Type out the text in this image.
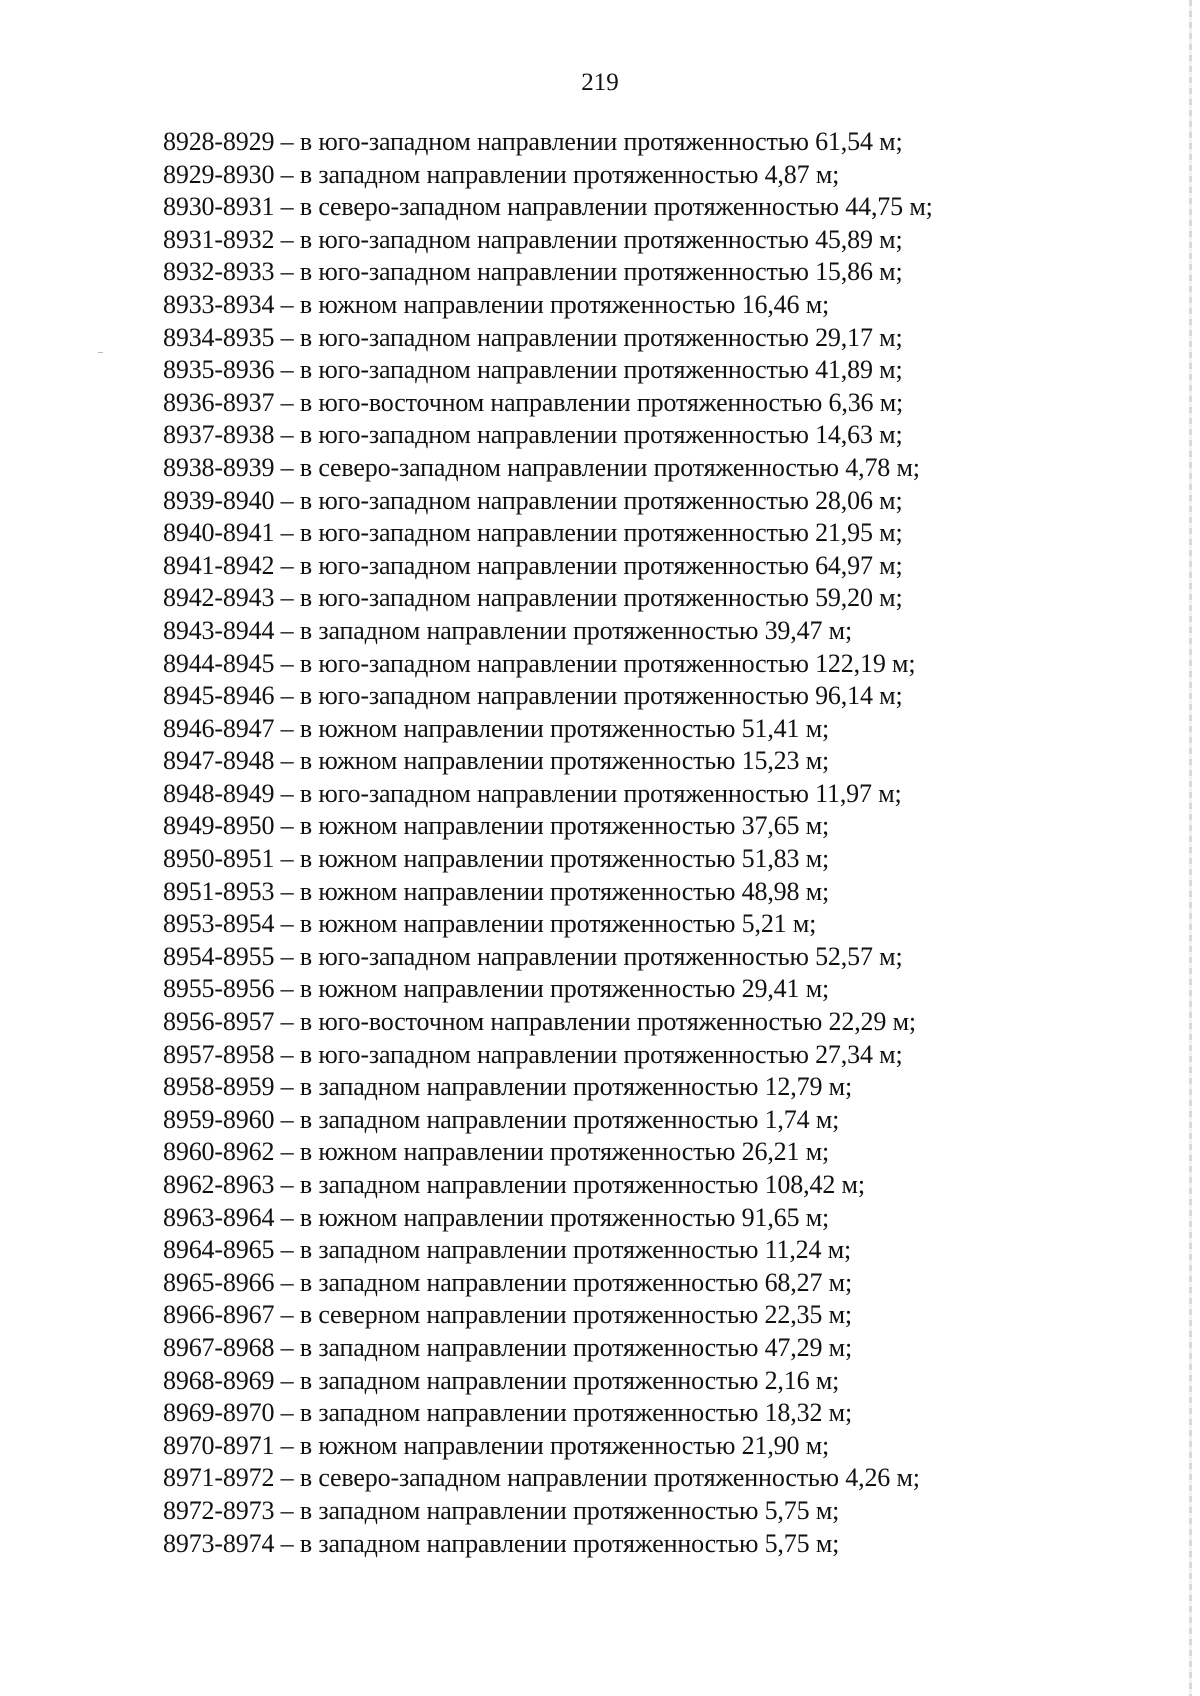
219
8928-8929 – в юго-западном направлении протяженностью 61,54 м;
8929-8930 – в западном направлении протяженностью 4,87 м;
8930-8931 – в северо-западном направлении протяженностью 44,75 м;
8931-8932 – в юго-западном направлении протяженностью 45,89 м;
8932-8933 – в юго-западном направлении протяженностью 15,86 м;
8933-8934 – в южном направлении протяженностью 16,46 м;
8934-8935 – в юго-западном направлении протяженностью 29,17 м;
8935-8936 – в юго-западном направлении протяженностью 41,89 м;
8936-8937 – в юго-восточном направлении протяженностью 6,36 м;
8937-8938 – в юго-западном направлении протяженностью 14,63 м;
8938-8939 – в северо-западном направлении протяженностью 4,78 м;
8939-8940 – в юго-западном направлении протяженностью 28,06 м;
8940-8941 – в юго-западном направлении протяженностью 21,95 м;
8941-8942 – в юго-западном направлении протяженностью 64,97 м;
8942-8943 – в юго-западном направлении протяженностью 59,20 м;
8943-8944 – в западном направлении протяженностью 39,47 м;
8944-8945 – в юго-западном направлении протяженностью 122,19 м;
8945-8946 – в юго-западном направлении протяженностью 96,14 м;
8946-8947 – в южном направлении протяженностью 51,41 м;
8947-8948 – в южном направлении протяженностью 15,23 м;
8948-8949 – в юго-западном направлении протяженностью 11,97 м;
8949-8950 – в южном направлении протяженностью 37,65 м;
8950-8951 – в южном направлении протяженностью 51,83 м;
8951-8953 – в южном направлении протяженностью 48,98 м;
8953-8954 – в южном направлении протяженностью 5,21 м;
8954-8955 – в юго-западном направлении протяженностью 52,57 м;
8955-8956 – в южном направлении протяженностью 29,41 м;
8956-8957 – в юго-восточном направлении протяженностью 22,29 м;
8957-8958 – в юго-западном направлении протяженностью 27,34 м;
8958-8959 – в западном направлении протяженностью 12,79 м;
8959-8960 – в западном направлении протяженностью 1,74 м;
8960-8962 – в южном направлении протяженностью 26,21 м;
8962-8963 – в западном направлении протяженностью 108,42 м;
8963-8964 – в южном направлении протяженностью 91,65 м;
8964-8965 – в западном направлении протяженностью 11,24 м;
8965-8966 – в западном направлении протяженностью 68,27 м;
8966-8967 – в северном направлении протяженностью 22,35 м;
8967-8968 – в западном направлении протяженностью 47,29 м;
8968-8969 – в западном направлении протяженностью 2,16 м;
8969-8970 – в западном направлении протяженностью 18,32 м;
8970-8971 – в южном направлении протяженностью 21,90 м;
8971-8972 – в северо-западном направлении протяженностью 4,26 м;
8972-8973 – в западном направлении протяженностью 5,75 м;
8973-8974 – в западном направлении протяженностью 5,75 м;
